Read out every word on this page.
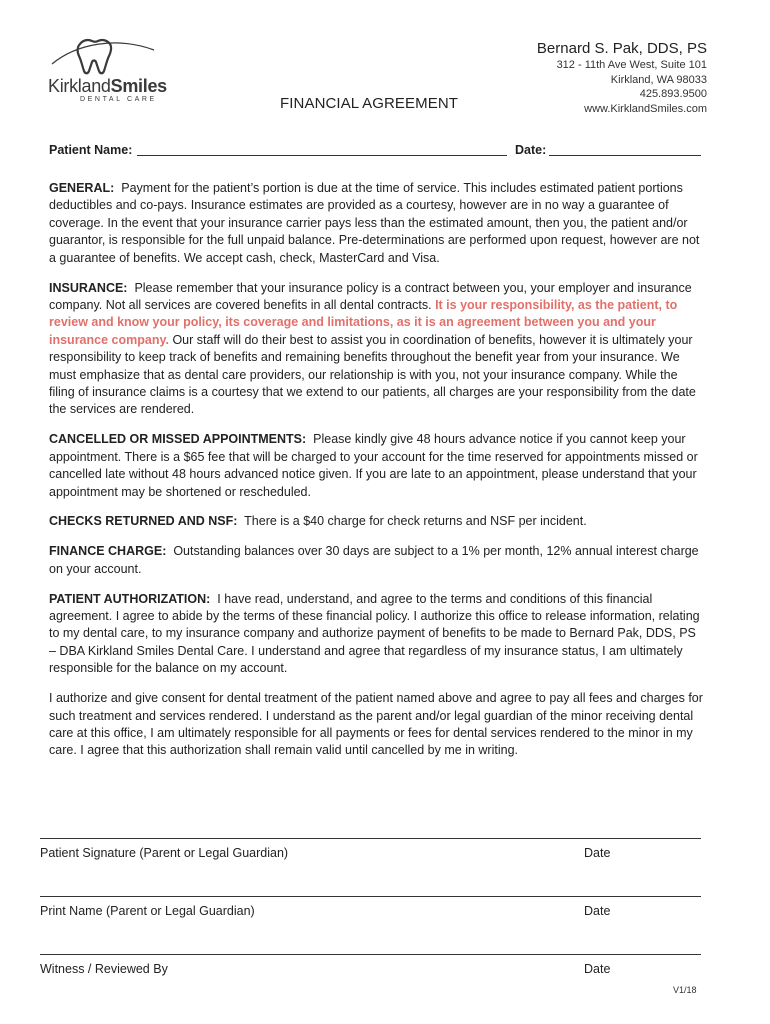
KirklandSmiles
DENTAL CARE	FINANCIAL AGREEMENT
Bernard S. Pak, DDS, PS
312 - 11th Ave West, Suite 101
Kirkland, WA 98033
425.893.9500
www.KirklandSmiles.com
Patient Name:	Date:

GENERAL: Payment for the patient’s portion is due at the time of service. This includes estimated patient portions deductibles and co-pays. Insurance estimates are provided as a courtesy, however are in no way a guarantee of coverage. In the event that your insurance carrier pays less than the estimated amount, then you, the patient and/or guarantor, is responsible for the full unpaid balance. Pre-determinations are performed upon request, however are not a guarantee of benefits. We accept cash, check, MasterCard and Visa.

INSURANCE: Please remember that your insurance policy is a contract between you, your employer and insurance company. Not all services are covered benefits in all dental contracts. It is your responsibility, as the patient, to review and know your policy, its coverage and limitations, as it is an agreement between you and your insurance company. Our staff will do their best to assist you in coordination of benefits, however it is ultimately your responsibility to keep track of benefits and remaining benefits throughout the benefit year from your insurance. We must emphasize that as dental care providers, our relationship is with you, not your insurance company. While the filing of insurance claims is a courtesy that we extend to our patients, all charges are your responsibility from the date the services are rendered.

CANCELLED OR MISSED APPOINTMENTS: Please kindly give 48 hours advance notice if you cannot keep your appointment. There is a $65 fee that will be charged to your account for the time reserved for appointments missed or cancelled late without 48 hours advanced notice given. If you are late to an appointment, please understand that your appointment may be shortened or rescheduled.

CHECKS RETURNED AND NSF: There is a $40 charge for check returns and NSF per incident.

FINANCE CHARGE: Outstanding balances over 30 days are subject to a 1% per month, 12% annual interest charge on your account.

PATIENT AUTHORIZATION: I have read, understand, and agree to the terms and conditions of this financial agreement. I agree to abide by the terms of these financial policy. I authorize this office to release information, relating to my dental care, to my insurance company and authorize payment of benefits to be made to Bernard Pak, DDS, PS – DBA Kirkland Smiles Dental Care. I understand and agree that regardless of my insurance status, I am ultimately responsible for the balance on my account.

I authorize and give consent for dental treatment of the patient named above and agree to pay all fees and charges for such treatment and services rendered. I understand as the parent and/or legal guardian of the minor receiving dental care at this office, I am ultimately responsible for all payments or fees for dental services rendered to the minor in my care. I agree that this authorization shall remain valid until cancelled by me in writing.

Patient Signature (Parent or Legal Guardian)	Date
Print Name (Parent or Legal Guardian)	Date
Witness / Reviewed By	Date
V1/18
